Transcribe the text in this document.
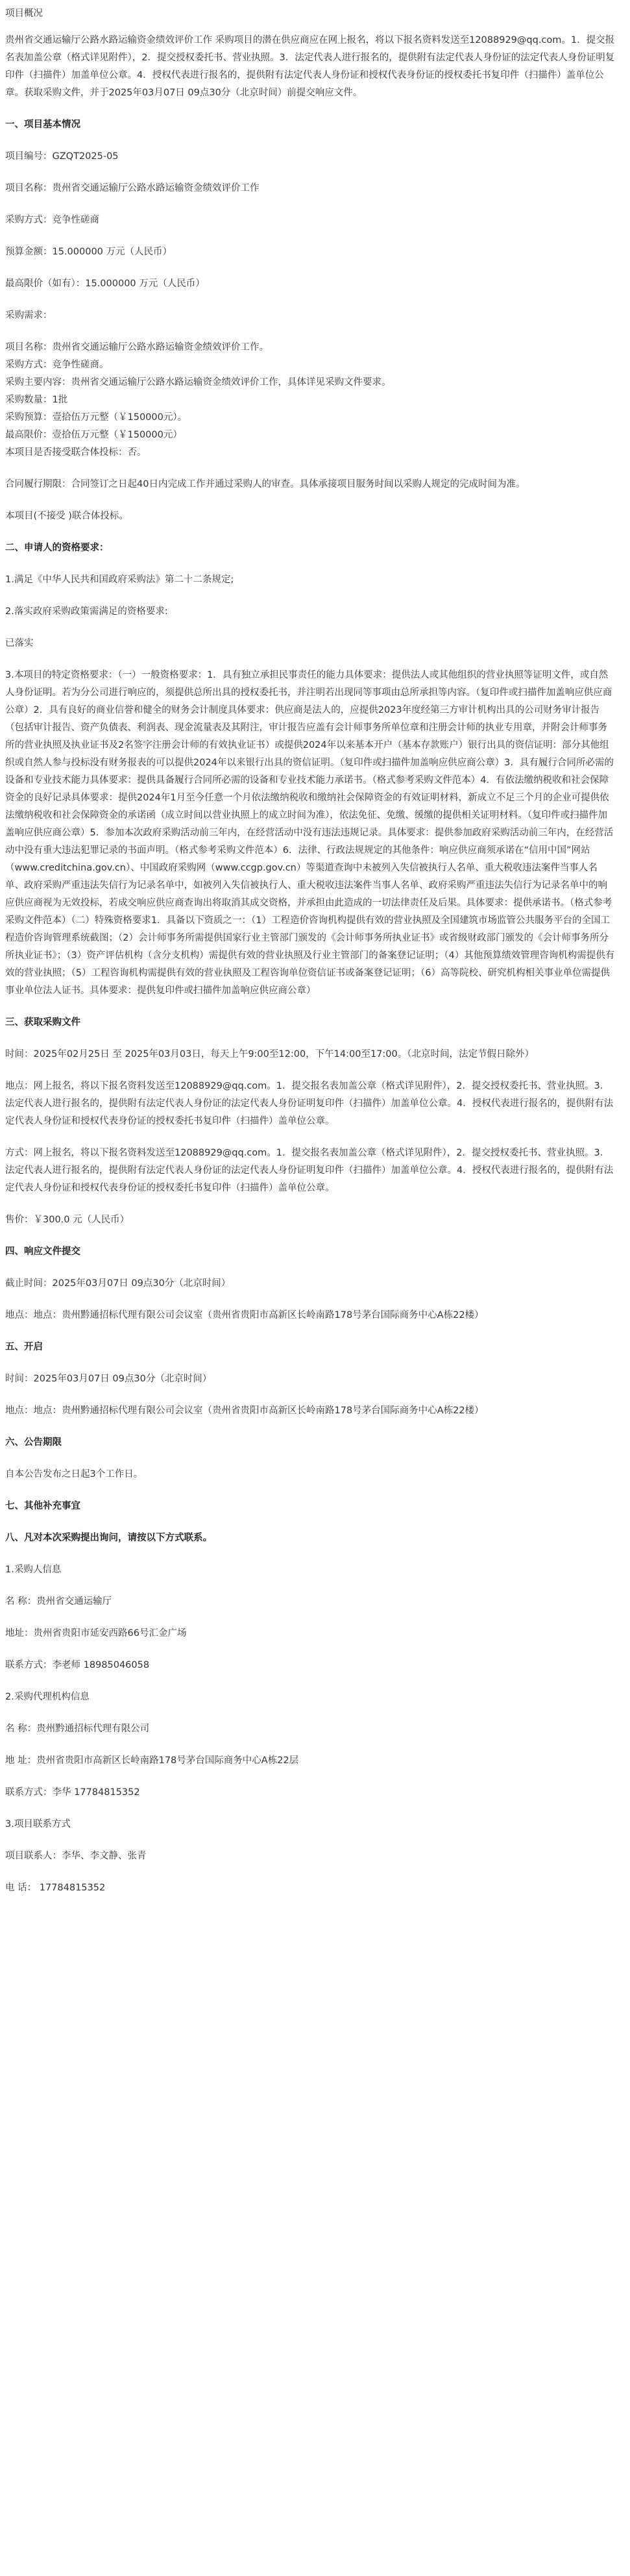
项目概况

贵州省交通运输厅公路水路运输资金绩效评价工作 采购项目的潜在供应商应在网上报名，将以下报名资料发送至12088929@qq.com。1．提交报名表加盖公章（格式详见附件），2．提交授权委托书、营业执照。3．法定代表人进行报名的，提供附有法定代表人身份证的法定代表人身份证明复印件（扫描件）加盖单位公章。4．授权代表进行报名的，提供附有法定代表人身份证和授权代表身份证的授权委托书复印件（扫描件）盖单位公章。获取采购文件，并于2025年03月07日 09点30分（北京时间）前提交响应文件。

一、项目基本情况

项目编号：GZQT2025-05

项目名称：贵州省交通运输厅公路水路运输资金绩效评价工作

采购方式：竞争性磋商

预算金额：15.000000 万元（人民币）

最高限价（如有）：15.000000 万元（人民币）

采购需求：

项目名称：贵州省交通运输厅公路水路运输资金绩效评价工作。

采购方式：竞争性磋商。

采购主要内容：贵州省交通运输厅公路水路运输资金绩效评价工作，具体详见采购文件要求。

采购数量：1批

采购预算：壹拾伍万元整（￥150000元）。

最高限价：壹拾伍万元整（￥150000元）

本项目是否接受联合体投标：否。

合同履行期限：合同签订之日起40日内完成工作并通过采购人的审查。具体承接项目服务时间以采购人规定的完成时间为准。

本项目(不接受 )联合体投标。

二、申请人的资格要求：

1.满足《中华人民共和国政府采购法》第二十二条规定;

2.落实政府采购政策需满足的资格要求:

已落实

3.本项目的特定资格要求：（一）一般资格要求：1．具有独立承担民事责任的能力具体要求：提供法人或其他组织的营业执照等证明文件，或自然人身份证明。若为分公司进行响应的，须提供总所出具的授权委托书，并注明若出现同等事项由总所承担等内容。（复印件或扫描件加盖响应供应商公章）2．具有良好的商业信誉和健全的财务会计制度具体要求：供应商是法人的，应提供2023年度经第三方审计机构出具的公司财务审计报告（包括审计报告、资产负债表、利润表、现金流量表及其附注，审计报告应盖有会计师事务所单位章和注册会计师的执业专用章，并附会计师事务所的营业执照及执业证书及2名签字注册会计师的有效执业证书）或提供2024年以来基本开户（基本存款账户）银行出具的资信证明：部分其他组织或自然人参与投标没有财务报表的可以提供2024年以来银行出具的资信证明。（复印件或扫描件加盖响应供应商公章）3．具有履行合同所必需的设备和专业技术能力具体要求：提供具备履行合同所必需的设备和专业技术能力承诺书。（格式参考采购文件范本）4．有依法缴纳税收和社会保障资金的良好记录具体要求：提供2024年1月至今任意一个月依法缴纳税收和缴纳社会保障资金的有效证明材料，新成立不足三个月的企业可提供依法缴纳税收和社会保障资金的承诺函（成立时间以营业执照上的成立时间为准），依法免征、免缴、缓缴的提供相关证明材料。（复印件或扫描件加盖响应供应商公章）5．参加本次政府采购活动前三年内，在经营活动中没有违法违规记录。具体要求：提供参加政府采购活动前三年内，在经营活动中没有重大违法犯罪记录的书面声明。（格式参考采购文件范本）6．法律、行政法规规定的其他条件：响应供应商须承诺在“信用中国”网站（www.creditchina.gov.cn）、中国政府采购网（www.ccgp.gov.cn）等渠道查询中未被列入失信被执行人名单、重大税收违法案件当事人名单、政府采购严重违法失信行为记录名单中，如被列入失信被执行人、重大税收违法案件当事人名单、政府采购严重违法失信行为记录名单中的响应供应商视为无效投标，若成交响应供应商查询出将取消其成交资格，并承担由此造成的一切法律责任及后果。具体要求：提供承诺书。（格式参考采购文件范本）（二）特殊资格要求1．具备以下资质之一：（1）工程造价咨询机构提供有效的营业执照及全国建筑市场监管公共服务平台的全国工程造价咨询管理系统截图；（2）会计师事务所需提供国家行业主管部门颁发的《会计师事务所执业证书》或省级财政部门颁发的《会计师事务所分所执业证书》；（3）资产评估机构（含分支机构）需提供有效的营业执照及行业主管部门的备案登记证明；（4）其他预算绩效管理咨询机构需提供有效的营业执照；（5）工程咨询机构需提供有效的营业执照及工程咨询单位资信证书或备案登记证明；（6）高等院校、研究机构相关事业单位需提供事业单位法人证书。具体要求：提供复印件或扫描件加盖响应供应商公章）

三、获取采购文件

时间：2025年02月25日 至 2025年03月03日，每天上午9:00至12:00，下午14:00至17:00。（北京时间，法定节假日除外）

地点：网上报名，将以下报名资料发送至12088929@qq.com。1．提交报名表加盖公章（格式详见附件），2．提交授权委托书、营业执照。3．法定代表人进行报名的，提供附有法定代表人身份证的法定代表人身份证明复印件（扫描件）加盖单位公章。4．授权代表进行报名的，提供附有法定代表人身份证和授权代表身份证的授权委托书复印件（扫描件）盖单位公章。

方式：网上报名，将以下报名资料发送至12088929@qq.com。1．提交报名表加盖公章（格式详见附件），2．提交授权委托书、营业执照。3．法定代表人进行报名的，提供附有法定代表人身份证的法定代表人身份证明复印件（扫描件）加盖单位公章。4．授权代表进行报名的，提供附有法定代表人身份证和授权代表身份证的授权委托书复印件（扫描件）盖单位公章。

售价：￥300.0 元（人民币）

四、响应文件提交

截止时间：2025年03月07日 09点30分（北京时间）

地点：地点：贵州黔通招标代理有限公司会议室（贵州省贵阳市高新区长岭南路178号茅台国际商务中心A栋22楼）

五、开启

时间：2025年03月07日 09点30分（北京时间）

地点：地点：贵州黔通招标代理有限公司会议室（贵州省贵阳市高新区长岭南路178号茅台国际商务中心A栋22楼）

六、公告期限

自本公告发布之日起3个工作日。

七、其他补充事宜

八、凡对本次采购提出询问，请按以下方式联系。

1.采购人信息

名 称：贵州省交通运输厅

地址：贵州省贵阳市延安西路66号汇金广场

联系方式：李老师 18985046058

2.采购代理机构信息

名 称：贵州黔通招标代理有限公司

地 址：贵州省贵阳市高新区长岭南路178号茅台国际商务中心A栋22层

联系方式：李华 17784815352

3.项目联系方式

项目联系人：李华、李文静、张青

电 话： 17784815352
